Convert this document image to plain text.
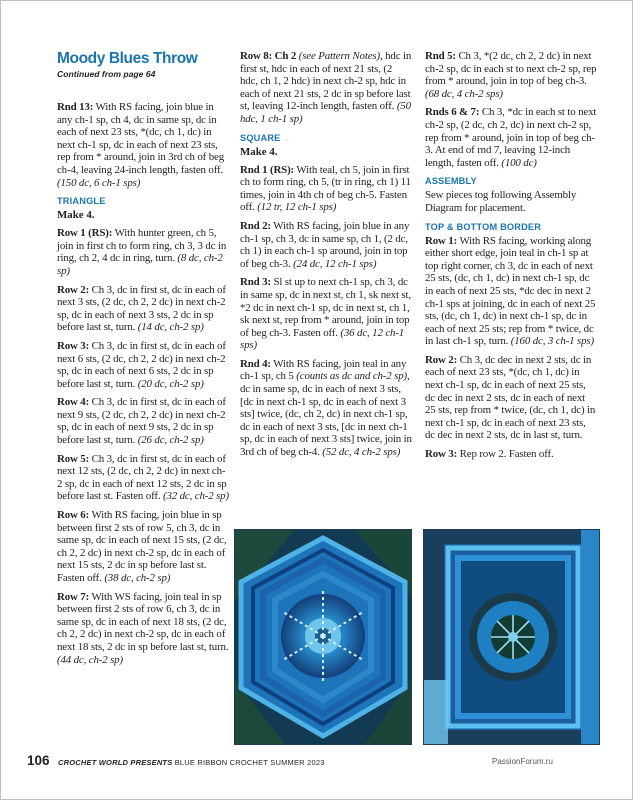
Moody Blues Throw
Continued from page 64

Rnd 13: With RS facing, join blue in any ch-1 sp, ch 4, dc in same sp, dc in each of next 23 sts, *(dc, ch 1, dc) in next ch-1 sp, dc in each of next 23 sts, rep from * around, join in 3rd ch of beg ch-4, leaving 24-inch length, fasten off. (150 dc, 6 ch-1 sps)

TRIANGLE
Make 4.

Row 1 (RS): With hunter green, ch 5, join in first ch to form ring, ch 3, 3 dc in ring, ch 2, 4 dc in ring, turn. (8 dc, ch-2 sp)

Row 2: Ch 3, dc in first st, dc in each of next 3 sts, (2 dc, ch 2, 2 dc) in next ch-2 sp, dc in each of next 3 sts, 2 dc in sp before last st, turn. (14 dc, ch-2 sp)

Row 3: Ch 3, dc in first st, dc in each of next 6 sts, (2 dc, ch 2, 2 dc) in next ch-2 sp, dc in each of next 6 sts, 2 dc in sp before last st, turn. (20 dc, ch-2 sp)

Row 4: Ch 3, dc in first st, dc in each of next 9 sts, (2 dc, ch 2, 2 dc) in next ch-2 sp, dc in each of next 9 sts, 2 dc in sp before last st, turn. (26 dc, ch-2 sp)

Row 5: Ch 3, dc in first st, dc in each of next 12 sts, (2 dc, ch 2, 2 dc) in next ch-2 sp, dc in each of next 12 sts, 2 dc in sp before last st. Fasten off. (32 dc, ch-2 sp)

Row 6: With RS facing, join blue in sp between first 2 sts of row 5, ch 3, dc in same sp, dc in each of next 15 sts, (2 dc, ch 2, 2 dc) in next ch-2 sp, dc in each of next 15 sts, 2 dc in sp before last st. Fasten off. (38 dc, ch-2 sp)

Row 7: With WS facing, join teal in sp between first 2 sts of row 6, ch 3, dc in same sp, dc in each of next 18 sts, (2 dc, ch 2, 2 dc) in next ch-2 sp, dc in each of next 18 sts, 2 dc in sp before last st, turn. (44 dc, ch-2 sp)

Row 8: Ch 2 (see Pattern Notes), hdc in first st, hdc in each of next 21 sts, (2 hdc, ch 1, 2 hdc) in next ch-2 sp, hdc in each of next 21 sts, 2 dc in sp before last st, leaving 12-inch length, fasten off. (50 hdc, 1 ch-1 sp)

SQUARE
Make 4.

Rnd 1 (RS): With teal, ch 5, join in first ch to form ring, ch 5, (tr in ring, ch 1) 11 times, join in 4th ch of beg ch-5. Fasten off. (12 tr, 12 ch-1 sps)

Rnd 2: With RS facing, join blue in any ch-1 sp, ch 3, dc in same sp, ch 1, (2 dc, ch 1) in each ch-1 sp around, join in top of beg ch-3. (24 dc, 12 ch-1 sps)

Rnd 3: Sl st up to next ch-1 sp, ch 3, dc in same sp, dc in next st, ch 1, sk next st, *2 dc in next ch-1 sp, dc in next st, ch 1, sk next st, rep from * around, join in top of beg ch-3. Fasten off. (36 dc, 12 ch-1 sps)

Rnd 4: With RS facing, join teal in any ch-1 sp, ch 5 (counts as dc and ch-2 sp), dc in same sp, dc in each of next 3 sts, [dc in next ch-1 sp, dc in each of next 3 sts] twice, (dc, ch 2, dc) in next ch-1 sp, dc in each of next 3 sts, [dc in next ch-1 sp, dc in each of next 3 sts] twice, join in 3rd ch of beg ch-4. (52 dc, 4 ch-2 sps)

Rnd 5: Ch 3, *(2 dc, ch 2, 2 dc) in next ch-2 sp, dc in each st to next ch-2 sp, rep from * around, join in top of beg ch-3. (68 dc, 4 ch-2 sps)

Rnds 6 & 7: Ch 3, *dc in each st to next ch-2 sp, (2 dc, ch 2, dc) in next ch-2 sp, rep from * around, join in top of beg ch-3. At end of rnd 7, leaving 12-inch length, fasten off. (100 dc)

ASSEMBLY

Sew pieces tog following Assembly Diagram for placement.

TOP & BOTTOM BORDER

Row 1: With RS facing, working along either short edge, join teal in ch-1 sp at top right corner, ch 3, dc in each of next 25 sts, (dc, ch 1, dc) in next ch-1 sp, dc in each of next 25 sts, *dc dec in next 2 ch-1 sps at joining, dc in each of next 25 sts, (dc, ch 1, dc) in next ch-1 sp, dc in each of next 25 sts; rep from * twice, dc in last ch-1 sp, turn. (160 dc, 3 ch-1 sps)

Row 2: Ch 3, dc dec in next 2 sts, dc in each of next 23 sts, *(dc, ch 1, dc) in next ch-1 sp, dc in each of next 25 sts, dc dec in next 2 sts, dc in each of next 25 sts, rep from * twice, (dc, ch 1, dc) in next ch-1 sp, dc in each of next 23 sts, dc dec in next 2 sts, dc in last st, turn.

Row 3: Rep row 2. Fasten off.

106 CROCHET WORLD PRESENTS BLUE RIBBON CROCHET SUMMER 2023	PassionForum.ru
